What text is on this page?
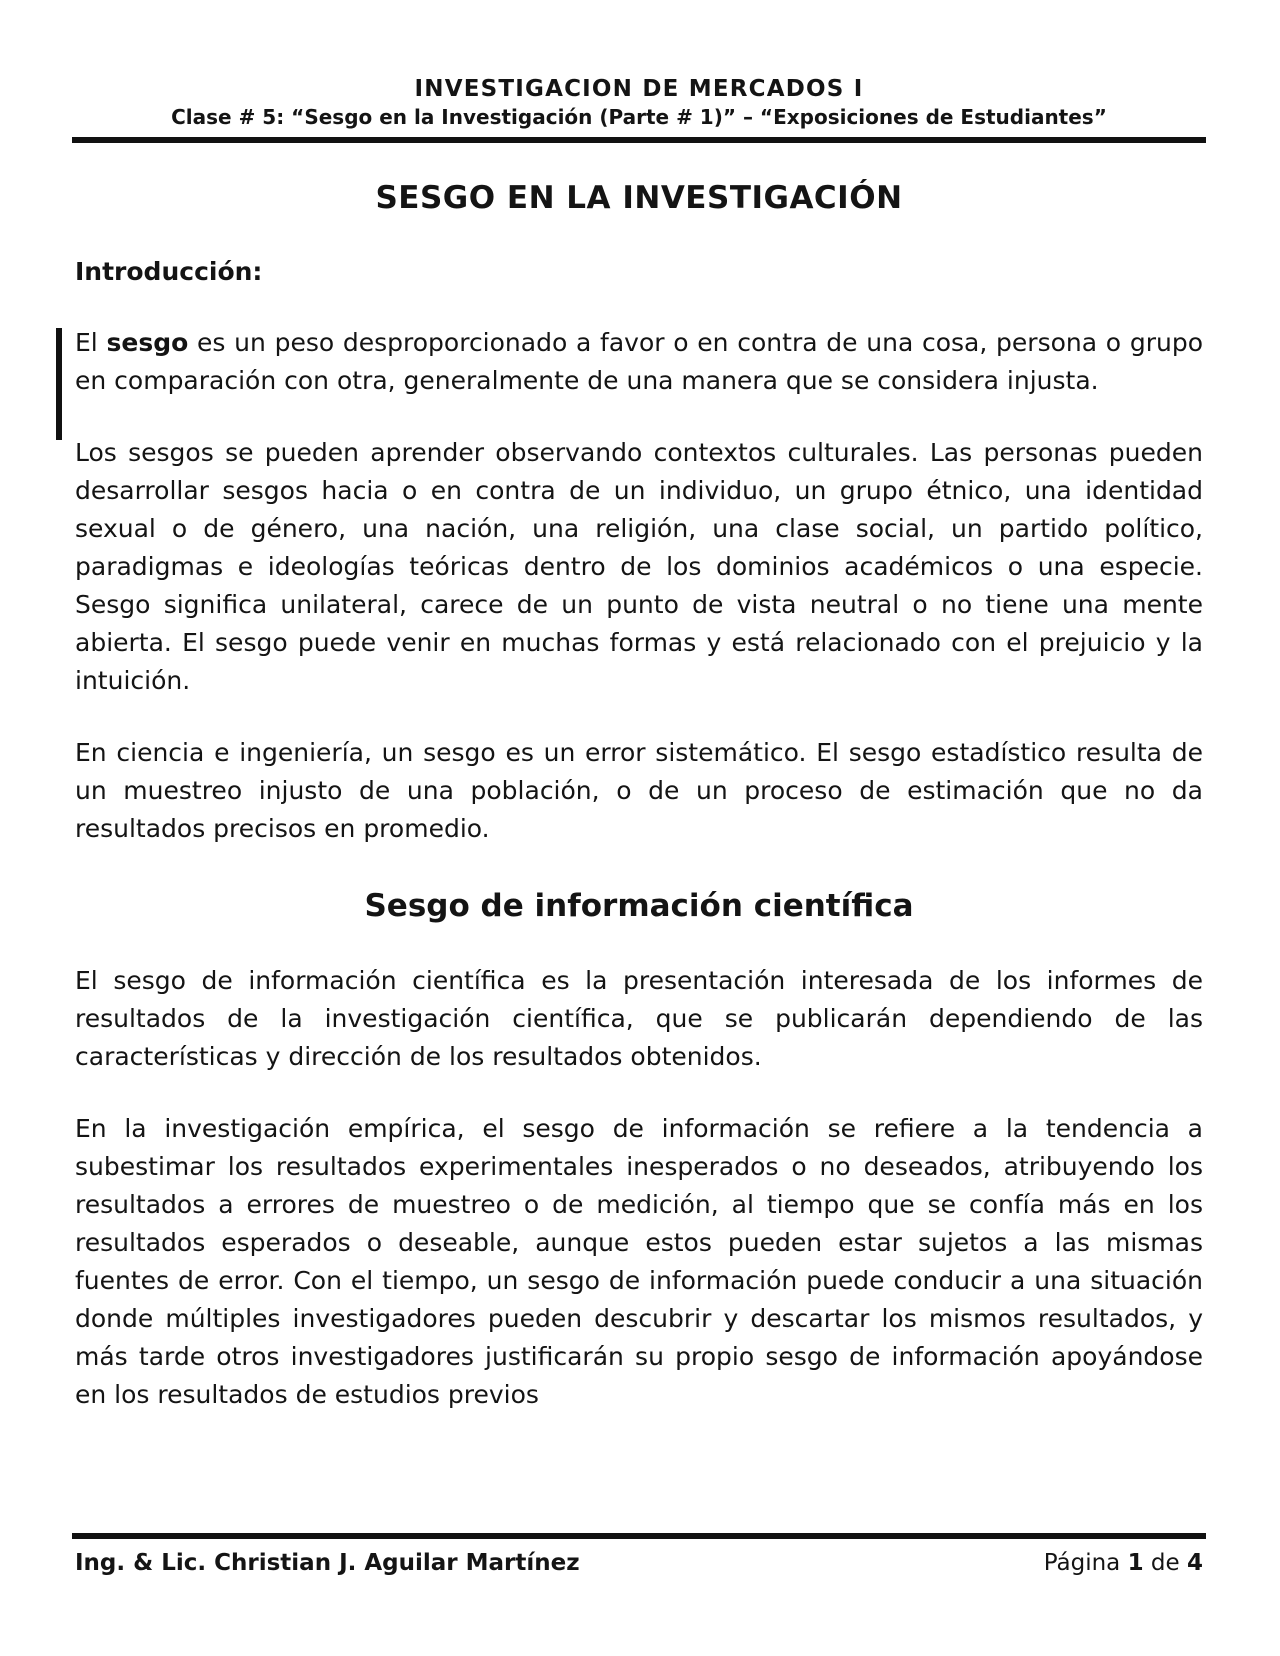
INVESTIGACION DE MERCADOS I
Clase # 5: “Sesgo en la Investigación (Parte # 1)” – “Exposiciones de Estudiantes”
SESGO EN LA INVESTIGACIÓN
Introducción:

El sesgo es un peso desproporcionado a favor o en contra de una cosa, persona o grupo en comparación con otra, generalmente de una manera que se considera injusta.

Los sesgos se pueden aprender observando contextos culturales. Las personas pueden desarrollar sesgos hacia o en contra de un individuo, un grupo étnico, una identidad sexual o de género, una nación, una religión, una clase social, un partido político, paradigmas e ideologías teóricas dentro de los dominios académicos o una especie. Sesgo significa unilateral, carece de un punto de vista neutral o no tiene una mente abierta. El sesgo puede venir en muchas formas y está relacionado con el prejuicio y la intuición.

En ciencia e ingeniería, un sesgo es un error sistemático. El sesgo estadístico resulta de un muestreo injusto de una población, o de un proceso de estimación que no da resultados precisos en promedio.

Sesgo de información científica

El sesgo de información científica es la presentación interesada de los informes de resultados de la investigación científica, que se publicarán dependiendo de las características y dirección de los resultados obtenidos.

En la investigación empírica, el sesgo de información se refiere a la tendencia a subestimar los resultados experimentales inesperados o no deseados, atribuyendo los resultados a errores de muestreo o de medición, al tiempo que se confía más en los resultados esperados o deseable, aunque estos pueden estar sujetos a las mismas fuentes de error. Con el tiempo, un sesgo de información puede conducir a una situación donde múltiples investigadores pueden descubrir y descartar los mismos resultados, y más tarde otros investigadores justificarán su propio sesgo de información apoyándose en los resultados de estudios previos

Ing. & Lic. Christian J. Aguilar Martínez	Página 1 de 4
